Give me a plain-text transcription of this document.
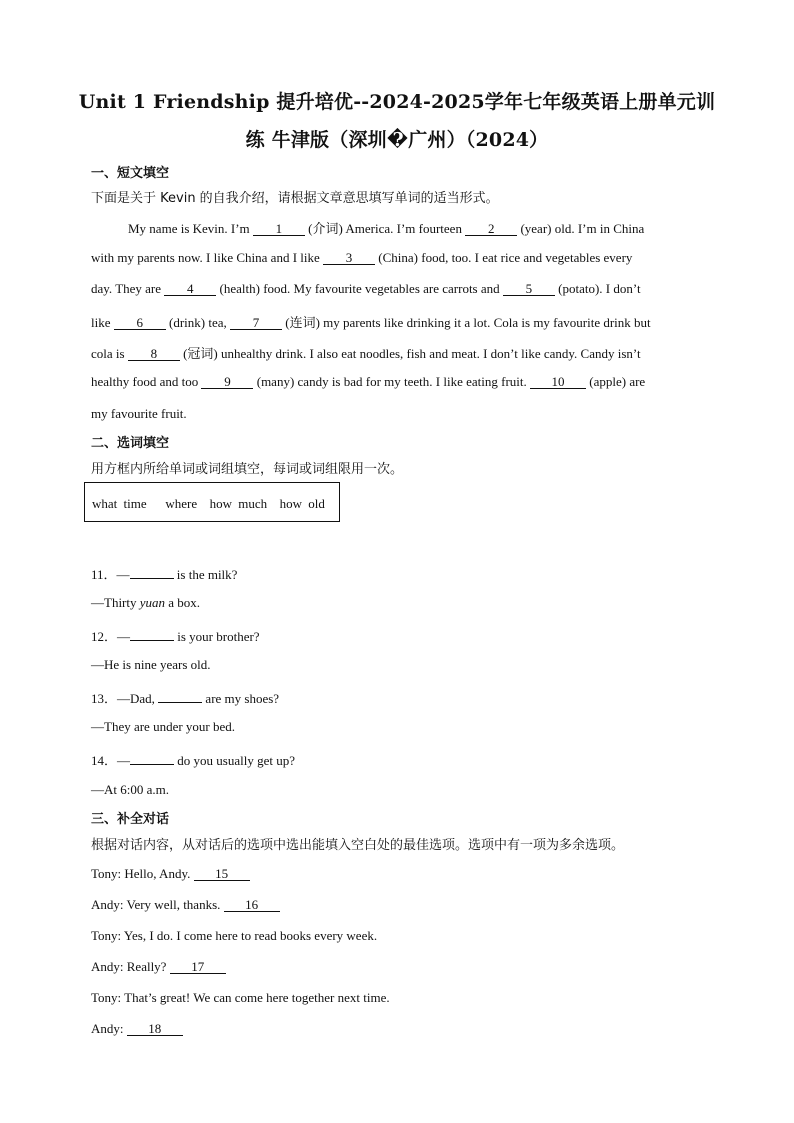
Unit 1 Friendship 提升培优--2024-2025学年七年级英语上册单元训
练 牛津版（深圳�广州）（2024）
一、短文填空
下面是关于 Kevin 的自我介绍，请根据文章意思填写单词的适当形式。
My name is Kevin. I’m 1 (介词) America. I’m fourteen 2 (year) old. I’m in China
with my parents now. I like China and I like 3 (China) food, too. I eat rice and vegetables every
day. They are 4 (health) food. My favourite vegetables are carrots and 5 (potato). I don’t
like 6 (drink) tea, 7 (连词) my parents like drinking it a lot. Cola is my favourite drink but
cola is 8 (冠词) unhealthy drink. I also eat noodles, fish and meat. I don’t like candy. Candy isn’t
healthy food and too 9 (many) candy is bad for my teeth. I like eating fruit. 10 (apple) are
my favourite fruit.
二、选词填空
用方框内所给单词或词组填空，每词或词组限用一次。
what time   where  how much  how old
11．—	is the milk?
—Thirty yuan a box.
12．—	is your brother?
—He is nine years old.
13．—Dad,	are my shoes?
—They are under your bed.
14．—	do you usually get up?
—At 6:00 a.m.
三、补全对话
根据对话内容，从对话后的选项中选出能填入空白处的最佳选项。选项中有一项为多余选项。
Tony: Hello, Andy. 15
Andy: Very well, thanks. 16
Tony: Yes, I do. I come here to read books every week.
Andy: Really? 17
Tony: That’s great! We can come here together next time.
Andy: 18
